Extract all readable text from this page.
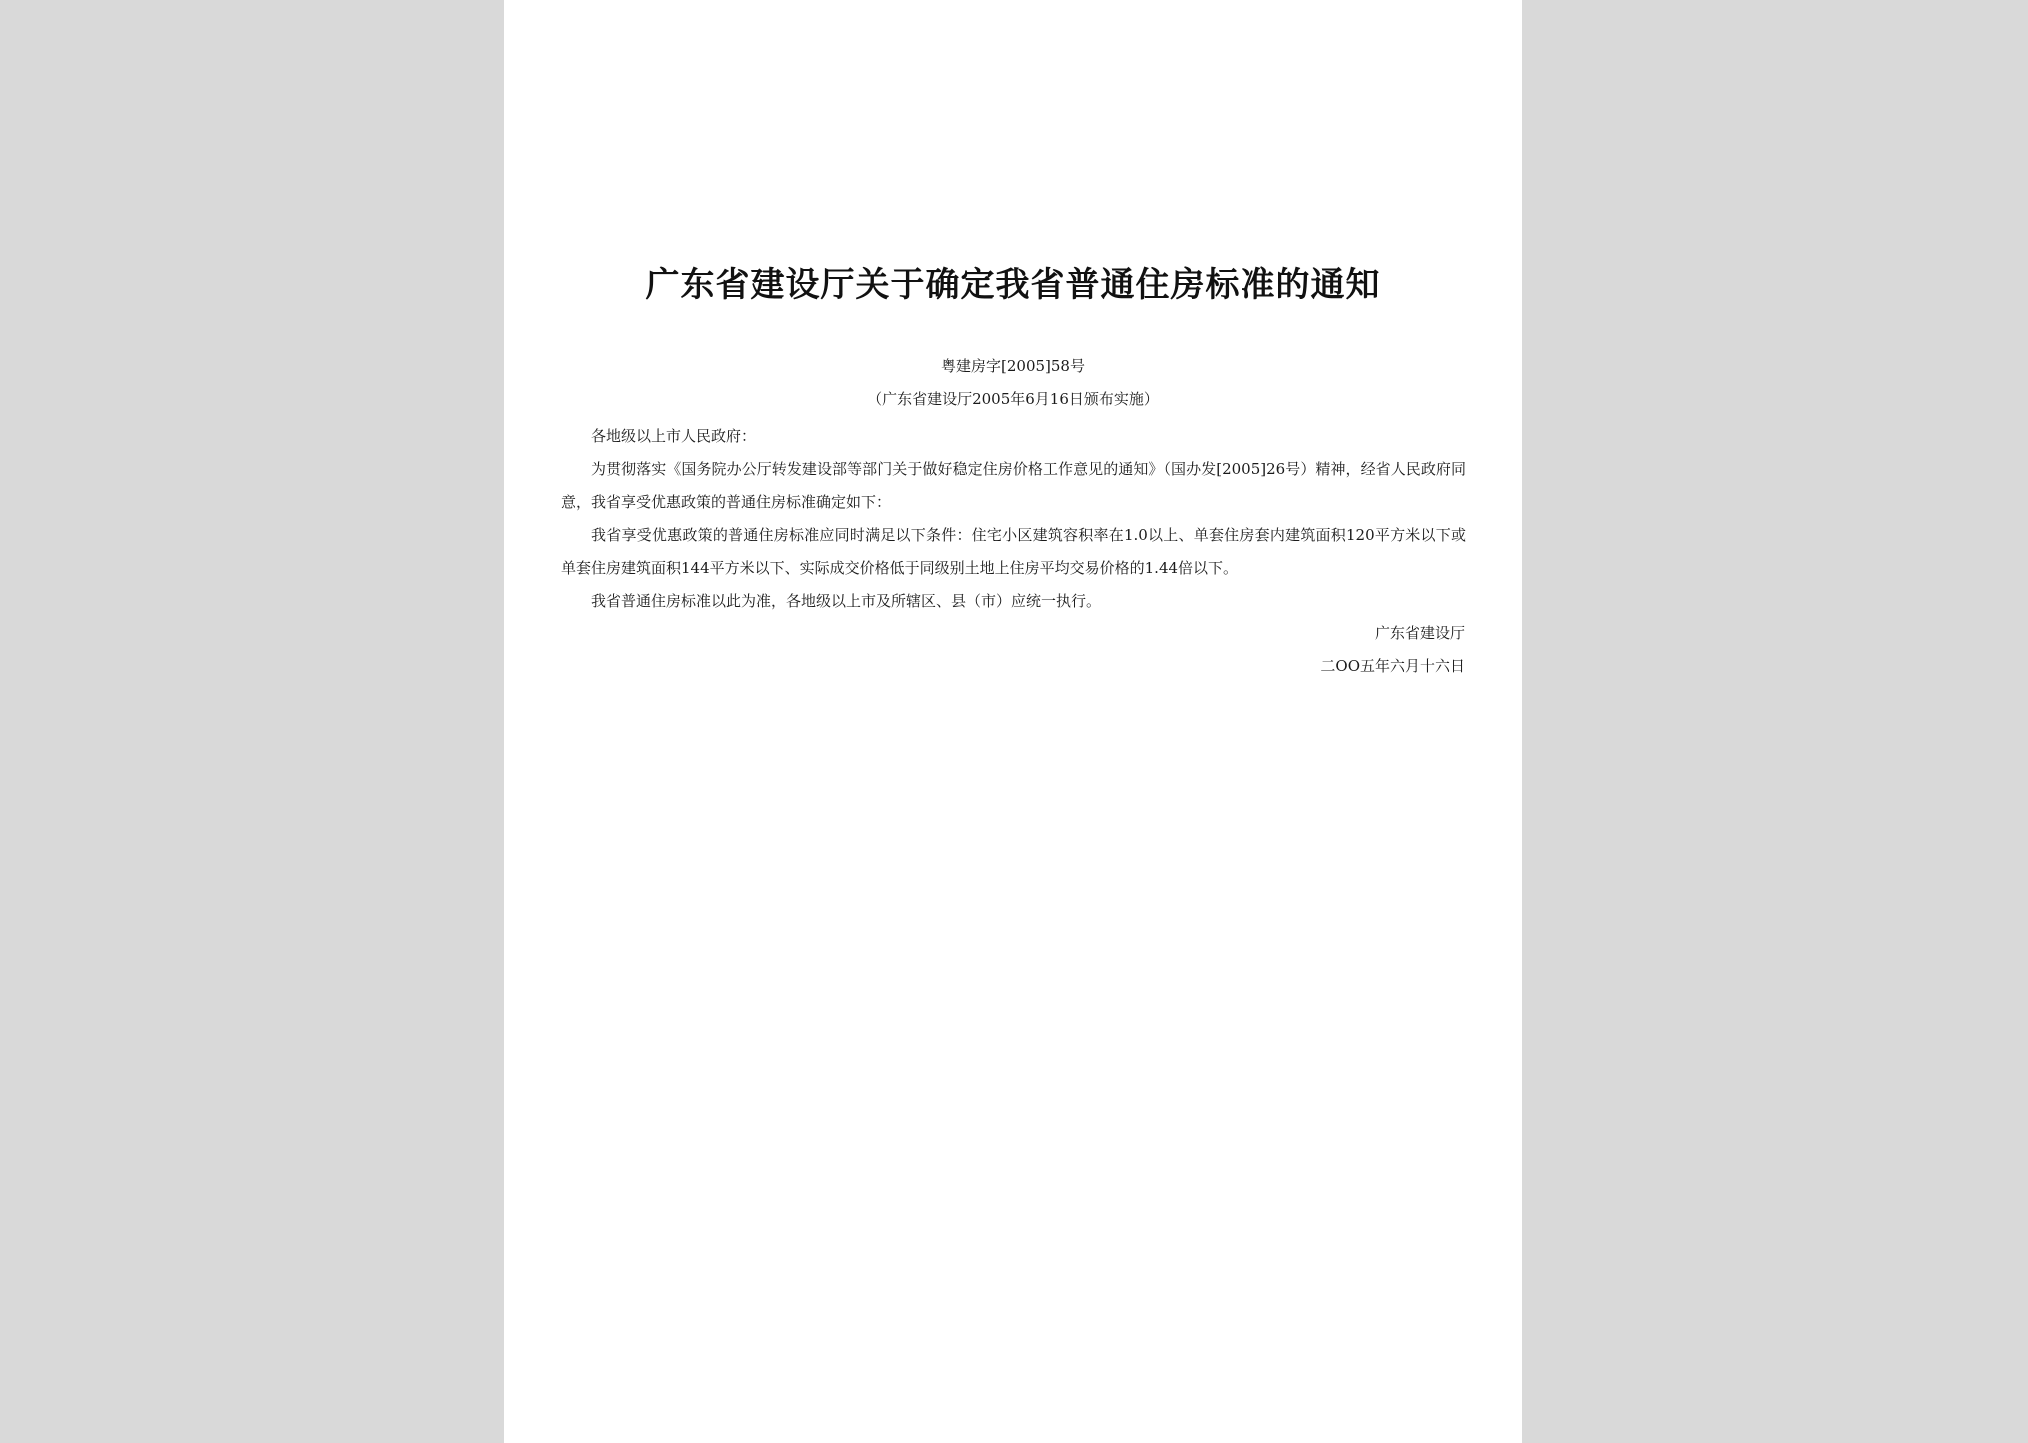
广东省建设厅关于确定我省普通住房标准的通知
粤建房字[2005]58号
（广东省建设厅2005年6月16日颁布实施）

各地级以上市人民政府：

为贯彻落实《国务院办公厅转发建设部等部门关于做好稳定住房价格工作意见的通知》（国办发[2005]26号）精神，经省人民政府同意，我省享受优惠政策的普通住房标准确定如下：

我省享受优惠政策的普通住房标准应同时满足以下条件：住宅小区建筑容积率在1.0以上、单套住房套内建筑面积120平方米以下或单套住房建筑面积144平方米以下、实际成交价格低于同级别土地上住房平均交易价格的1.44倍以下。

我省普通住房标准以此为准，各地级以上市及所辖区、县（市）应统一执行。

广东省建设厅
二OO五年六月十六日
